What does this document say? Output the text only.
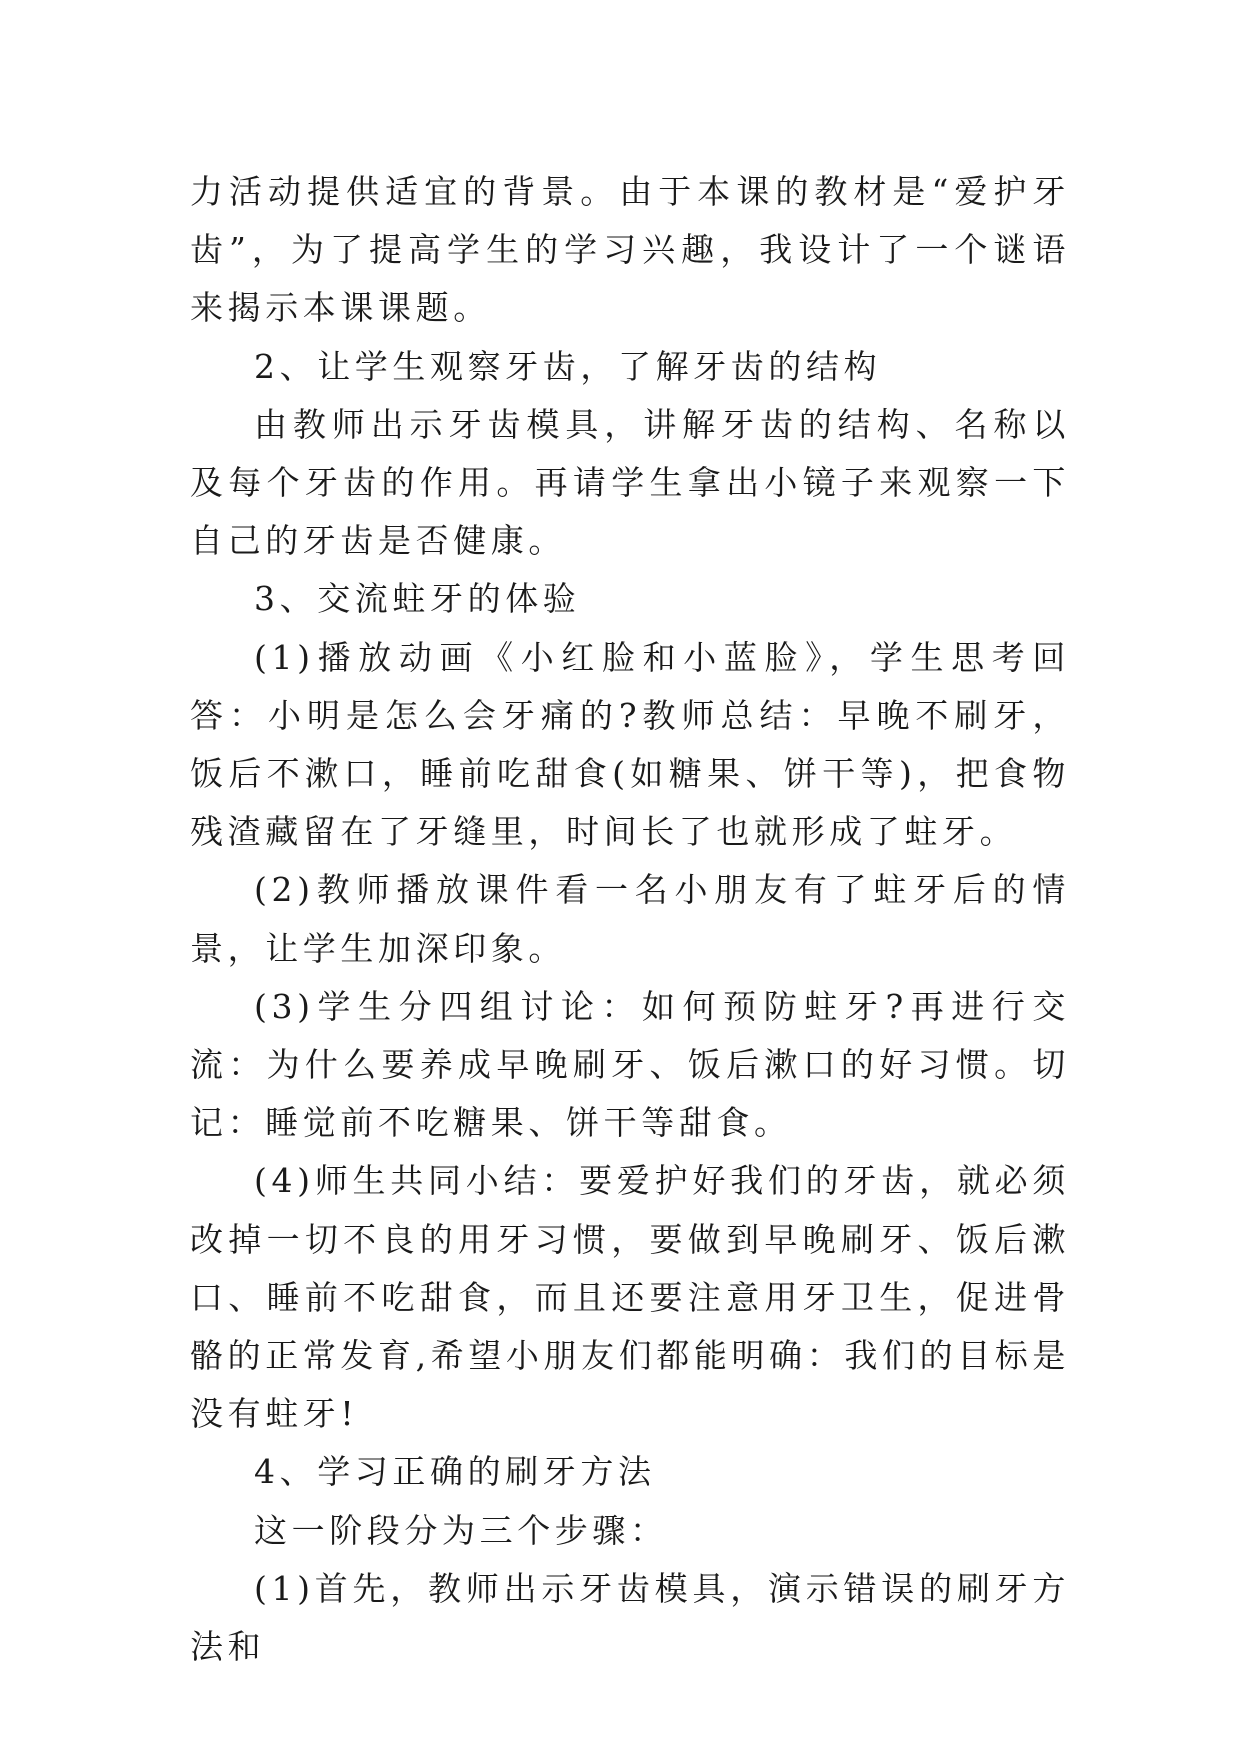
力活动提供适宜的背景。由于本课的教材是“爱护牙齿”，为了提高学生的学习兴趣，我设计了一个谜语来揭示本课课题。

2、让学生观察牙齿，了解牙齿的结构

由教师出示牙齿模具，讲解牙齿的结构、名称以及每个牙齿的作用。再请学生拿出小镜子来观察一下自己的牙齿是否健康。

3、交流蛀牙的体验

(1)播放动画《小红脸和小蓝脸》，学生思考回答：小明是怎么会牙痛的?教师总结：早晚不刷牙，饭后不漱口，睡前吃甜食(如糖果、饼干等)，把食物残渣藏留在了牙缝里，时间长了也就形成了蛀牙。

(2)教师播放课件看一名小朋友有了蛀牙后的情景，让学生加深印象。

(3)学生分四组讨论：如何预防蛀牙?再进行交流：为什么要养成早晚刷牙、饭后漱口的好习惯。切记：睡觉前不吃糖果、饼干等甜食。

(4)师生共同小结：要爱护好我们的牙齿，就必须改掉一切不良的用牙习惯，要做到早晚刷牙、饭后漱口、睡前不吃甜食，而且还要注意用牙卫生，促进骨骼的正常发育,希望小朋友们都能明确：我们的目标是没有蛀牙!

4、学习正确的刷牙方法

这一阶段分为三个步骤：

(1)首先，教师出示牙齿模具，演示错误的刷牙方法和
